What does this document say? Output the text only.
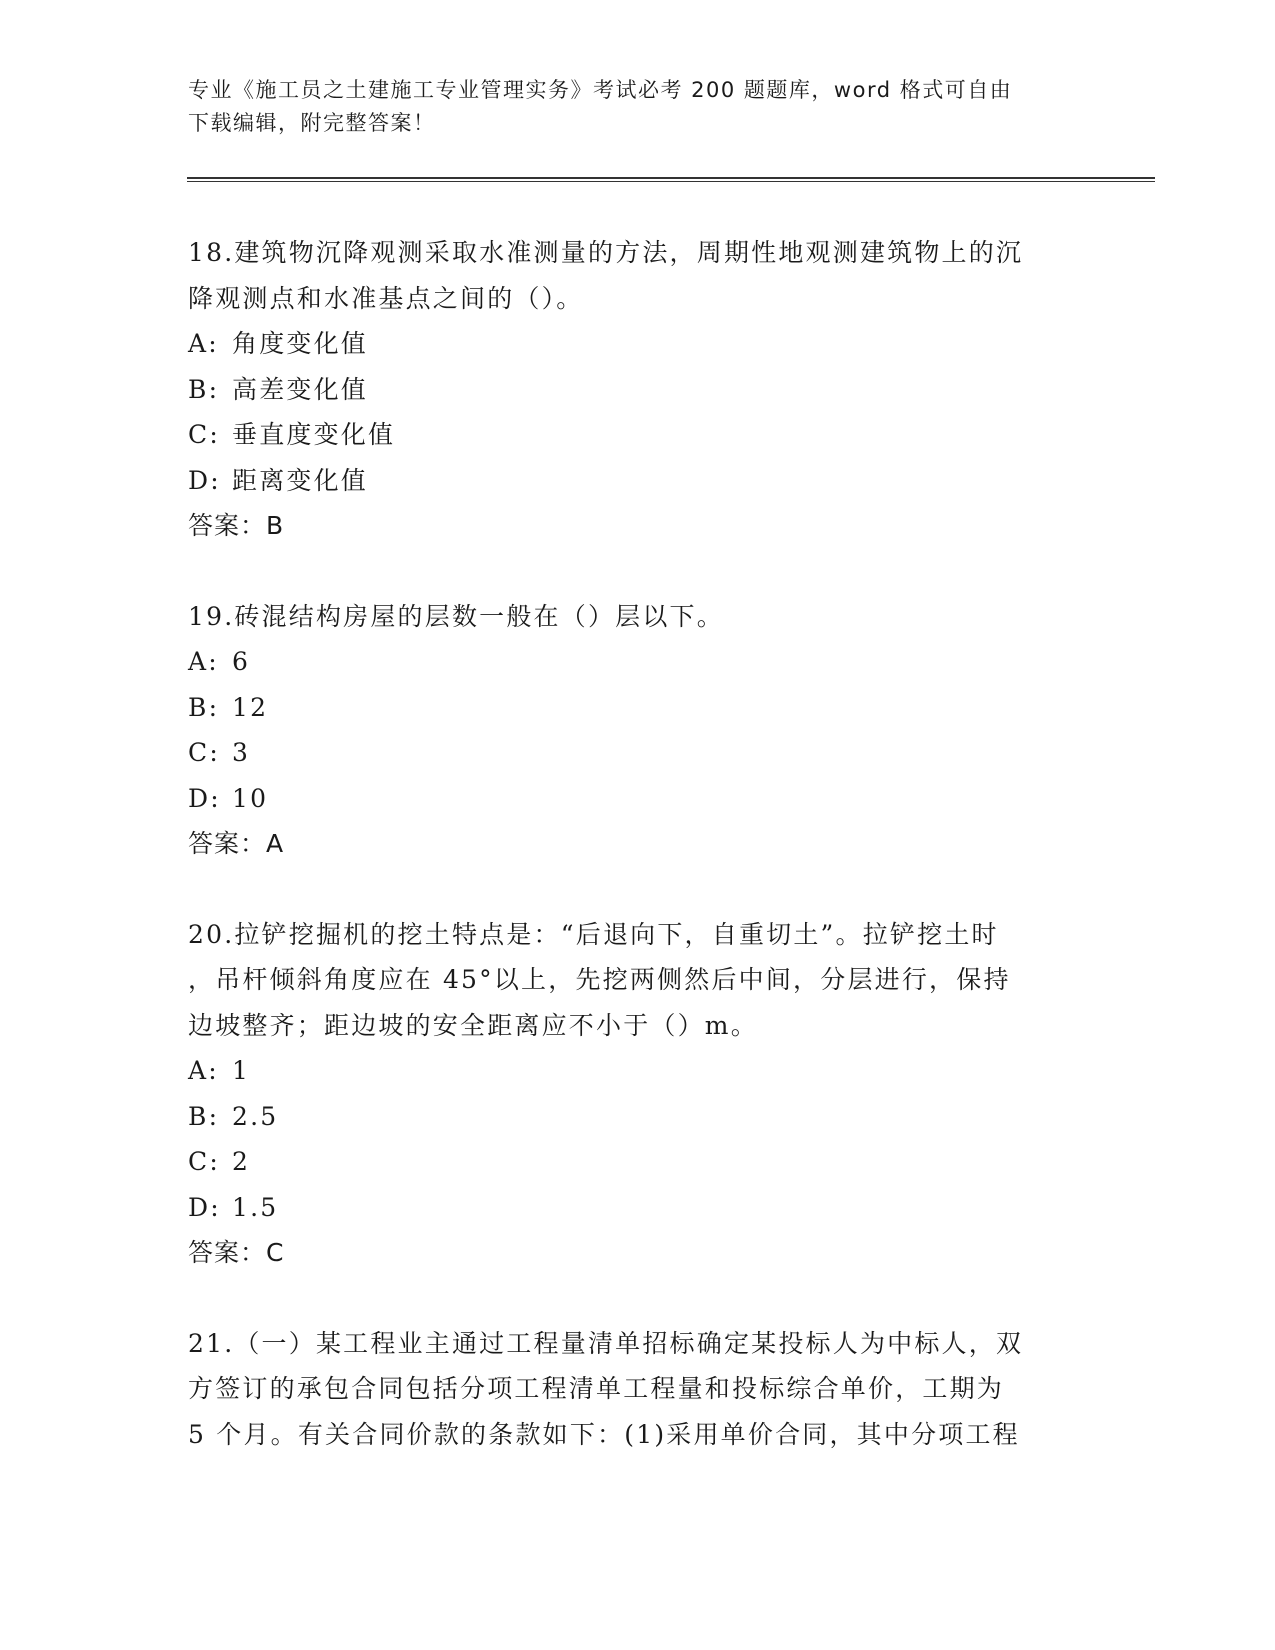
专业《施工员之土建施工专业管理实务》考试必考 200 题题库，word 格式可自由
下载编辑，附完整答案！

18.建筑物沉降观测采取水准测量的方法，周期性地观测建筑物上的沉

降观测点和水准基点之间的（）。

A: 角度变化值
B: 高差变化值
C: 垂直度变化值
D: 距离变化值

答案：B

19.砖混结构房屋的层数一般在（）层以下。

A: 6
B: 12
C: 3
D: 10

答案：A

20.拉铲挖掘机的挖土特点是：“后退向下，自重切土”。拉铲挖土时

，吊杆倾斜角度应在 45°以上，先挖两侧然后中间，分层进行，保持

边坡整齐；距边坡的安全距离应不小于（）m。

A: 1
B: 2.5
C: 2
D: 1.5

答案：C

21.（一）某工程业主通过工程量清单招标确定某投标人为中标人，双

方签订的承包合同包括分项工程清单工程量和投标综合单价，工期为

5 个月。有关合同价款的条款如下：(1)采用单价合同，其中分项工程
